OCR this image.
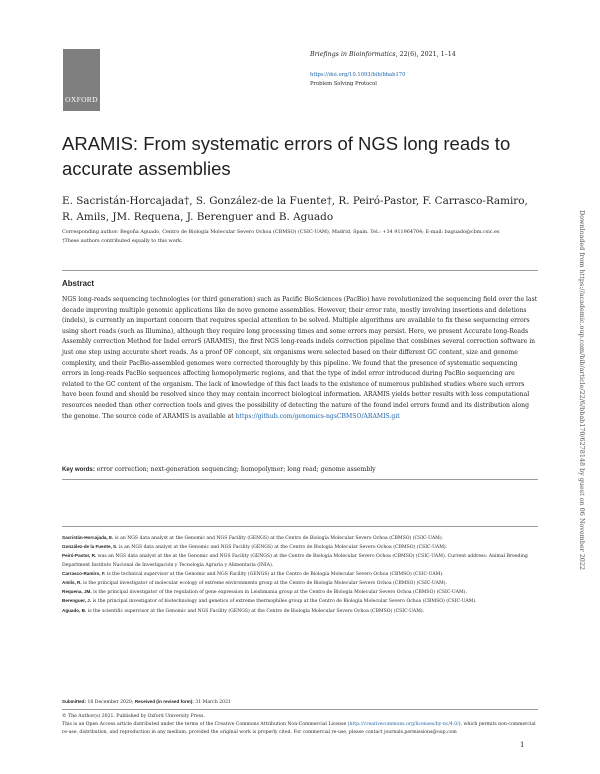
OXFORD
Briefings in Bioinformatics, 22(6), 2021, 1–14
https://doi.org/10.1093/bib/bbab170
Problem Solving Protocol
ARAMIS: From systematic errors of NGS long reads to accurate assemblies
E. Sacristán-Horcajada†, S. González-de la Fuente†, R. Peiró-Pastor, F. Carrasco-Ramiro, R. Amils, JM. Requena, J. Berenguer and B. Aguado
Corresponding author: Begoña Aguado, Centro de Biología Molecular Severo Ochoa (CBMSO) (CSIC-UAM), Madrid, Spain. Tel.: +34 911964704; E-mail: baguado@cbm.csic.es
†These authors contributed equally to this work.
Abstract
NGS long-reads sequencing technologies (or third generation) such as Pacific BioSciences (PacBio) have revolutionized the sequencing field over the last decade improving multiple genomic applications like de novo genome assemblies. However, their error rate, mostly involving insertions and deletions (indels), is currently an important concern that requires special attention to be solved. Multiple algorithms are available to fix these sequencing errors using short reads (such as Illumina), although they require long processing times and some errors may persist. Here, we present Accurate long-Reads Assembly correction Method for Indel errorS (ARAMIS), the first NGS long-reads indels correction pipeline that combines several correction software in just one step using accurate short reads. As a proof OF concept, six organisms were selected based on their different GC content, size and genome complexity, and their PacBio-assembled genomes were corrected thoroughly by this pipeline. We found that the presence of systematic sequencing errors in long-reads PacBio sequences affecting homopolymeric regions, and that the type of indel error introduced during PacBio sequencing are related to the GC content of the organism. The lack of knowledge of this fact leads to the existence of numerous published studies where such errors have been found and should be resolved since they may contain incorrect biological information. ARAMIS yields better results with less computational resources needed than other correction tools and gives the possibility of detecting the nature of the found indel errors found and its distribution along the genome. The source code of ARAMIS is available at https://github.com/genomics-ngsCBMSO/ARAMIS.git
Key words: error correction; next-generation sequencing; homopolymer; long read; genome assembly

Sacristán-Horcajada, E. is an NGS data analyst at the Genomic and NGS Facility (GENGS) at the Centro de Biología Molecular Severo Ochoa (CBMSO) (CSIC-UAM).

González-de la Fuente, S. is an NGS data analyst at the Genomic and NGS Facility (GENGS) at the Centro de Biología Molecular Severo Ochoa (CBMSO) (CSIC-UAM).

Peiró-Pastor, R. was an NGS data analyst at the at the Genomic and NGS Facility (GENGS) at the Centro de Biología Molecular Severo Ochoa (CBMSO) (CSIC-UAM). Current address: Animal Breeding Department Instituto Nacional de Investigación y Tecnología Agraria y Alimentaria (INIA).

Carrasco-Ramiro, F. is the technical supervisor at the Genomic and NGS Facility (GENGS) at the Centro de Biología Molecular Severo Ochoa (CBMSO) (CSIC-UAM).

Amils, R. is the principal investigator of molecular ecology of extreme environments group at the Centro de Biología Molecular Severo Ochoa (CBMSO) (CSIC-UAM).

Requena, JM. is the principal investigator of the regulation of gene expression in Leishmania group at the Centro de Biología Molecular Severo Ochoa (CBMSO) (CSIC-UAM).

Berenguer, J. is the principal investigator of biotechnology and genetics of extreme thermophiles group at the Centro de Biología Molecular Severo Ochoa (CBMSO) (CSIC-UAM).

Aguado, B. is the scientific supervisor at the Genomic and NGS Facility (GENGS) at the Centro de Biología Molecular Severo Ochoa (CBMSO) (CSIC-UAM).

Submitted: 18 December 2020; Received (in revised form): 31 March 2021
© The Author(s) 2021. Published by Oxford University Press.
This is an Open Access article distributed under the terms of the Creative Commons Attribution Non-Commercial License (http://creativecommons.org/licenses/by-nc/4.0/), which permits non-commercial re-use, distribution, and reproduction in any medium, provided the original work is properly cited. For commercial re-use, please contact journals.permissions@oup.com
1
Downloaded from https://academic.oup.com/bib/article/22/6/bbab170/6278148 by guest on 06 November 2022
